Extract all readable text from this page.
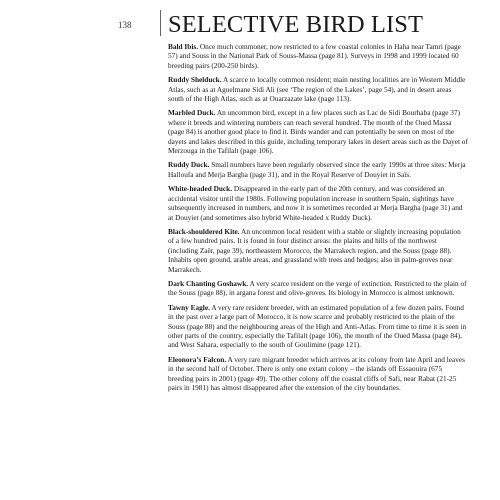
138 SELECTIVE BIRD LIST

Bald Ibis. Once much commoner, now restricted to a few coastal colonies in Haha near Tamri (page 57) and Souss in the National Park of Souss-Massa (page 81). Surveys in 1998 and 1999 located 60 breeding pairs (200-250 birds).

Ruddy Shelduck. A scarce to locally common resident; main nesting localities are in Western Middle Atlas, such as at Aguelmane Sidi Ali (see ‘The region of the Lakes’, page 54), and in desert areas south of the High Atlas, such as at Ouarzazate lake (page 113).

Marbled Duck. An uncommon bird, except in a few places such as Lac de Sidi Bourhaba (page 37) where it breeds and wintering numbers can reach several hundred. The mouth of the Oued Massa (page 84) is another good place to find it. Birds wander and can potentially be seen on most of the dayets and lakes described in this guide, including temporary lakes in desert areas such as the Dayet of Merzouga in the Tafilalt (page 106).

Ruddy Duck. Small numbers have been regularly observed since the early 1990s at three sites: Merja Halloufa and Merja Bargha (page 31), and in the Royal Reserve of Douyiet in Saïs.

White-headed Duck. Disappeared in the early part of the 20th century, and was considered an accidental visitor until the 1980s. Following population increase in southern Spain, sightings have subsequently increased in numbers, and now it is sometimes recorded at Merja Bargha (page 31) and at Douyiet (and sometimes also hybrid White-headed x Ruddy Duck).

Black-shouldered Kite. An uncommon local resident with a stable or slightly increasing population of a few hundred pairs. It is found in four distinct areas: the plains and hills of the northwest (including Zaër, page 39), northeastern Morocco, the Marrakech region, and the Souss (page 88). Inhabits open ground, arable areas, and grassland with trees and hedges; also in palm-groves near Marrakech.

Dark Chanting Goshawk. A very scarce resident on the verge of extinction. Restricted to the plain of the Souss (page 88), in argana forest and olive-groves. Its biology in Morocco is almost unknown.

Tawny Eagle. A very rare resident breeder, with an estimated population of a few dozen pairs. Found in the past over a large part of Morocco, it is now scarce and probably restricted to the plain of the Souss (page 88) and the neighbouring areas of the High and Anti-Atlas. From time to time it is seen in other parts of the country, especially the Tafilalt (page 106), the mouth of the Oued Massa (page 84), and West Sahara, especially to the south of Goulimine (page 121).

Eleonora’s Falcon. A very rare migrant breeder which arrives at its colony from late April and leaves in the second half of October. There is only one extant colony – the islands off Essaouira (675 breeding pairs in 2001) (page 49). The other colony off the coastal cliffs of Safi, near Rabat (21-25 pairs in 1981) has almost disappeared after the extension of the city boundaries.
